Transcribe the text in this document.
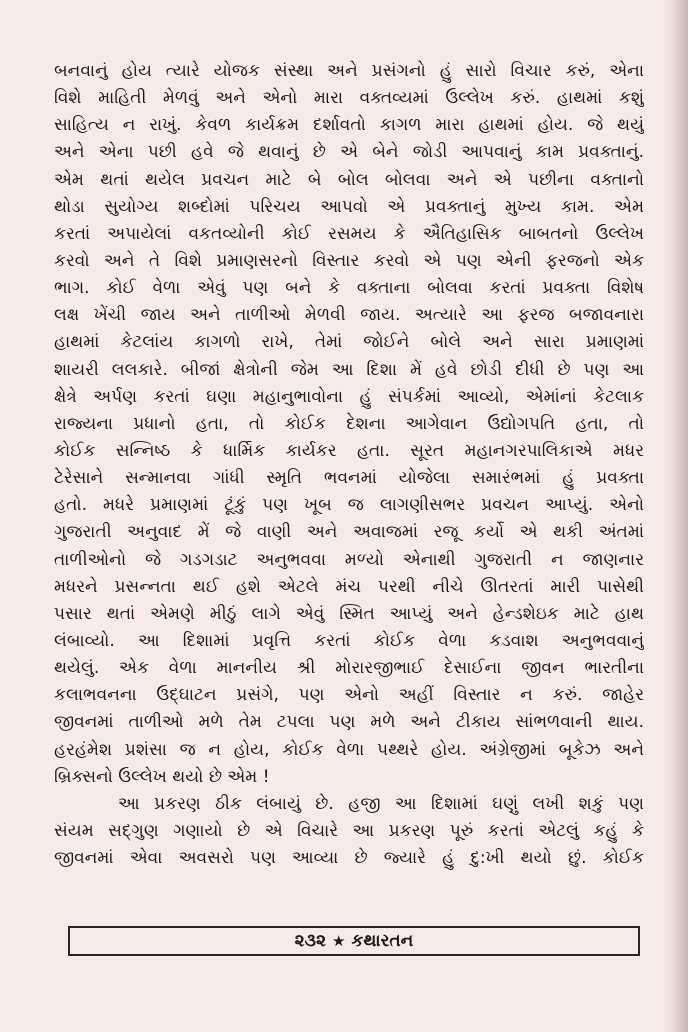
બનવાનું હોય ત્યારે યોજક સંસ્થા અને પ્રસંગનો હું સારો વિચાર કરું, એના
વિશે માહિતી મેળવું અને એનો મારા વક્તવ્યમાં ઉલ્લેખ કરું. હાથમાં કશું
સાહિત્ય ન રાખું. કેવળ કાર્યક્રમ દર્શાવતો કાગળ મારા હાથમાં હોય. જે થયું
અને એના પછી હવે જે થવાનું છે એ બેને જોડી આપવાનું કામ પ્રવક્તાનું.
એમ થતાં થયેલ પ્રવચન માટે બે બોલ બોલવા અને એ પછીના વક્તાનો
થોડા સુયોગ્ય શબ્દોમાં પરિચય આપવો એ પ્રવક્તાનું મુખ્ય કામ. એમ
કરતાં અપાયેલાં વકતવ્યોની કોઈ રસમય કે ઐતિહાસિક બાબતનો ઉલ્લેખ
કરવો અને તે વિશે પ્રમાણસરનો વિસ્તાર કરવો એ પણ એની ફરજનો એક
ભાગ. કોઈ વેળા એવું પણ બને કે વક્તાના બોલવા કરતાં પ્રવક્તા વિશેષ
લક્ષ ખેંચી જાય અને તાળીઓ મેળવી જાય. અત્યારે આ ફરજ બજાવનારા
હાથમાં કેટલાંય કાગળો રાખે, તેમાં જોઈને બોલે અને સારા પ્રમાણમાં
શાયરી લલકારે. બીજાં ક્ષેત્રોની જેમ આ દિશા મેં હવે છોડી દીધી છે પણ આ
ક્ષેત્રે અર્પણ કરતાં ઘણા મહાનુભાવોના હું સંપર્કમાં આવ્યો, એમાંનાં કેટલાક
રાજ્યના પ્રધાનો હતા, તો કોઈક દેશના આગેવાન ઉદ્યોગપતિ હતા, તો
કોઈક સન્નિષ્ઠ કે ધાર્મિક કાર્યકર હતા. સૂરત મહાનગરપાલિકાએ મધર
ટેરેસાને સન્માનવા ગાંધી સ્મૃતિ ભવનમાં યોજેલા સમારંભમાં હું પ્રવક્તા
હતો. મધરે પ્રમાણમાં ટૂંકું પણ ખૂબ જ લાગણીસભર પ્રવચન આપ્યું. એનો
ગુજરાતી અનુવાદ મેં જે વાણી અને અવાજમાં રજૂ કર્યો એ થકી અંતમાં
તાળીઓનો જે ગડગડાટ અનુભવવા મળ્યો એનાથી ગુજરાતી ન જાણનાર
મધરને પ્રસન્નતા થઈ હશે એટલે મંચ પરથી નીચે ઊતરતાં મારી પાસેથી
પસાર થતાં એમણે મીઠું લાગે એવું સ્મિત આપ્યું અને હેન્ડશેઇક માટે હાથ
લંબાવ્યો. આ દિશામાં પ્રવૃત્તિ કરતાં કોઈક વેળા કડવાશ અનુભવવાનું
થયેલું. એક વેળા માનનીય શ્રી મોરારજીભાઈ દેસાઈના જીવન ભારતીના
કલાભવનના ઉદ્ઘાટન પ્રસંગે, પણ એનો અહીં વિસ્તાર ન કરું. જાહેર
જીવનમાં તાળીઓ મળે તેમ ટપલા પણ મળે અને ટીકાય સાંભળવાની થાય.
હરહંમેશ પ્રશંસા જ ન હોય, કોઈક વેળા પથ્થરે હોય. અંગ્રેજીમાં બૂકેઝ અને
બ્રિક્સનો ઉલ્લેખ થયો છે એમ !
આ પ્રકરણ ઠીક લંબાયું છે. હજી આ દિશામાં ઘણું લખી શકું પણ
સંયમ સદ્ગુણ ગણાયો છે એ વિચારે આ પ્રકરણ પૂરું કરતાં એટલું કહું કે
જીવનમાં એવા અવસરો પણ આવ્યા છે જ્યારે હું દુ:ખી થયો છું. કોઈક
૨૩૨ ★ કથારતન
